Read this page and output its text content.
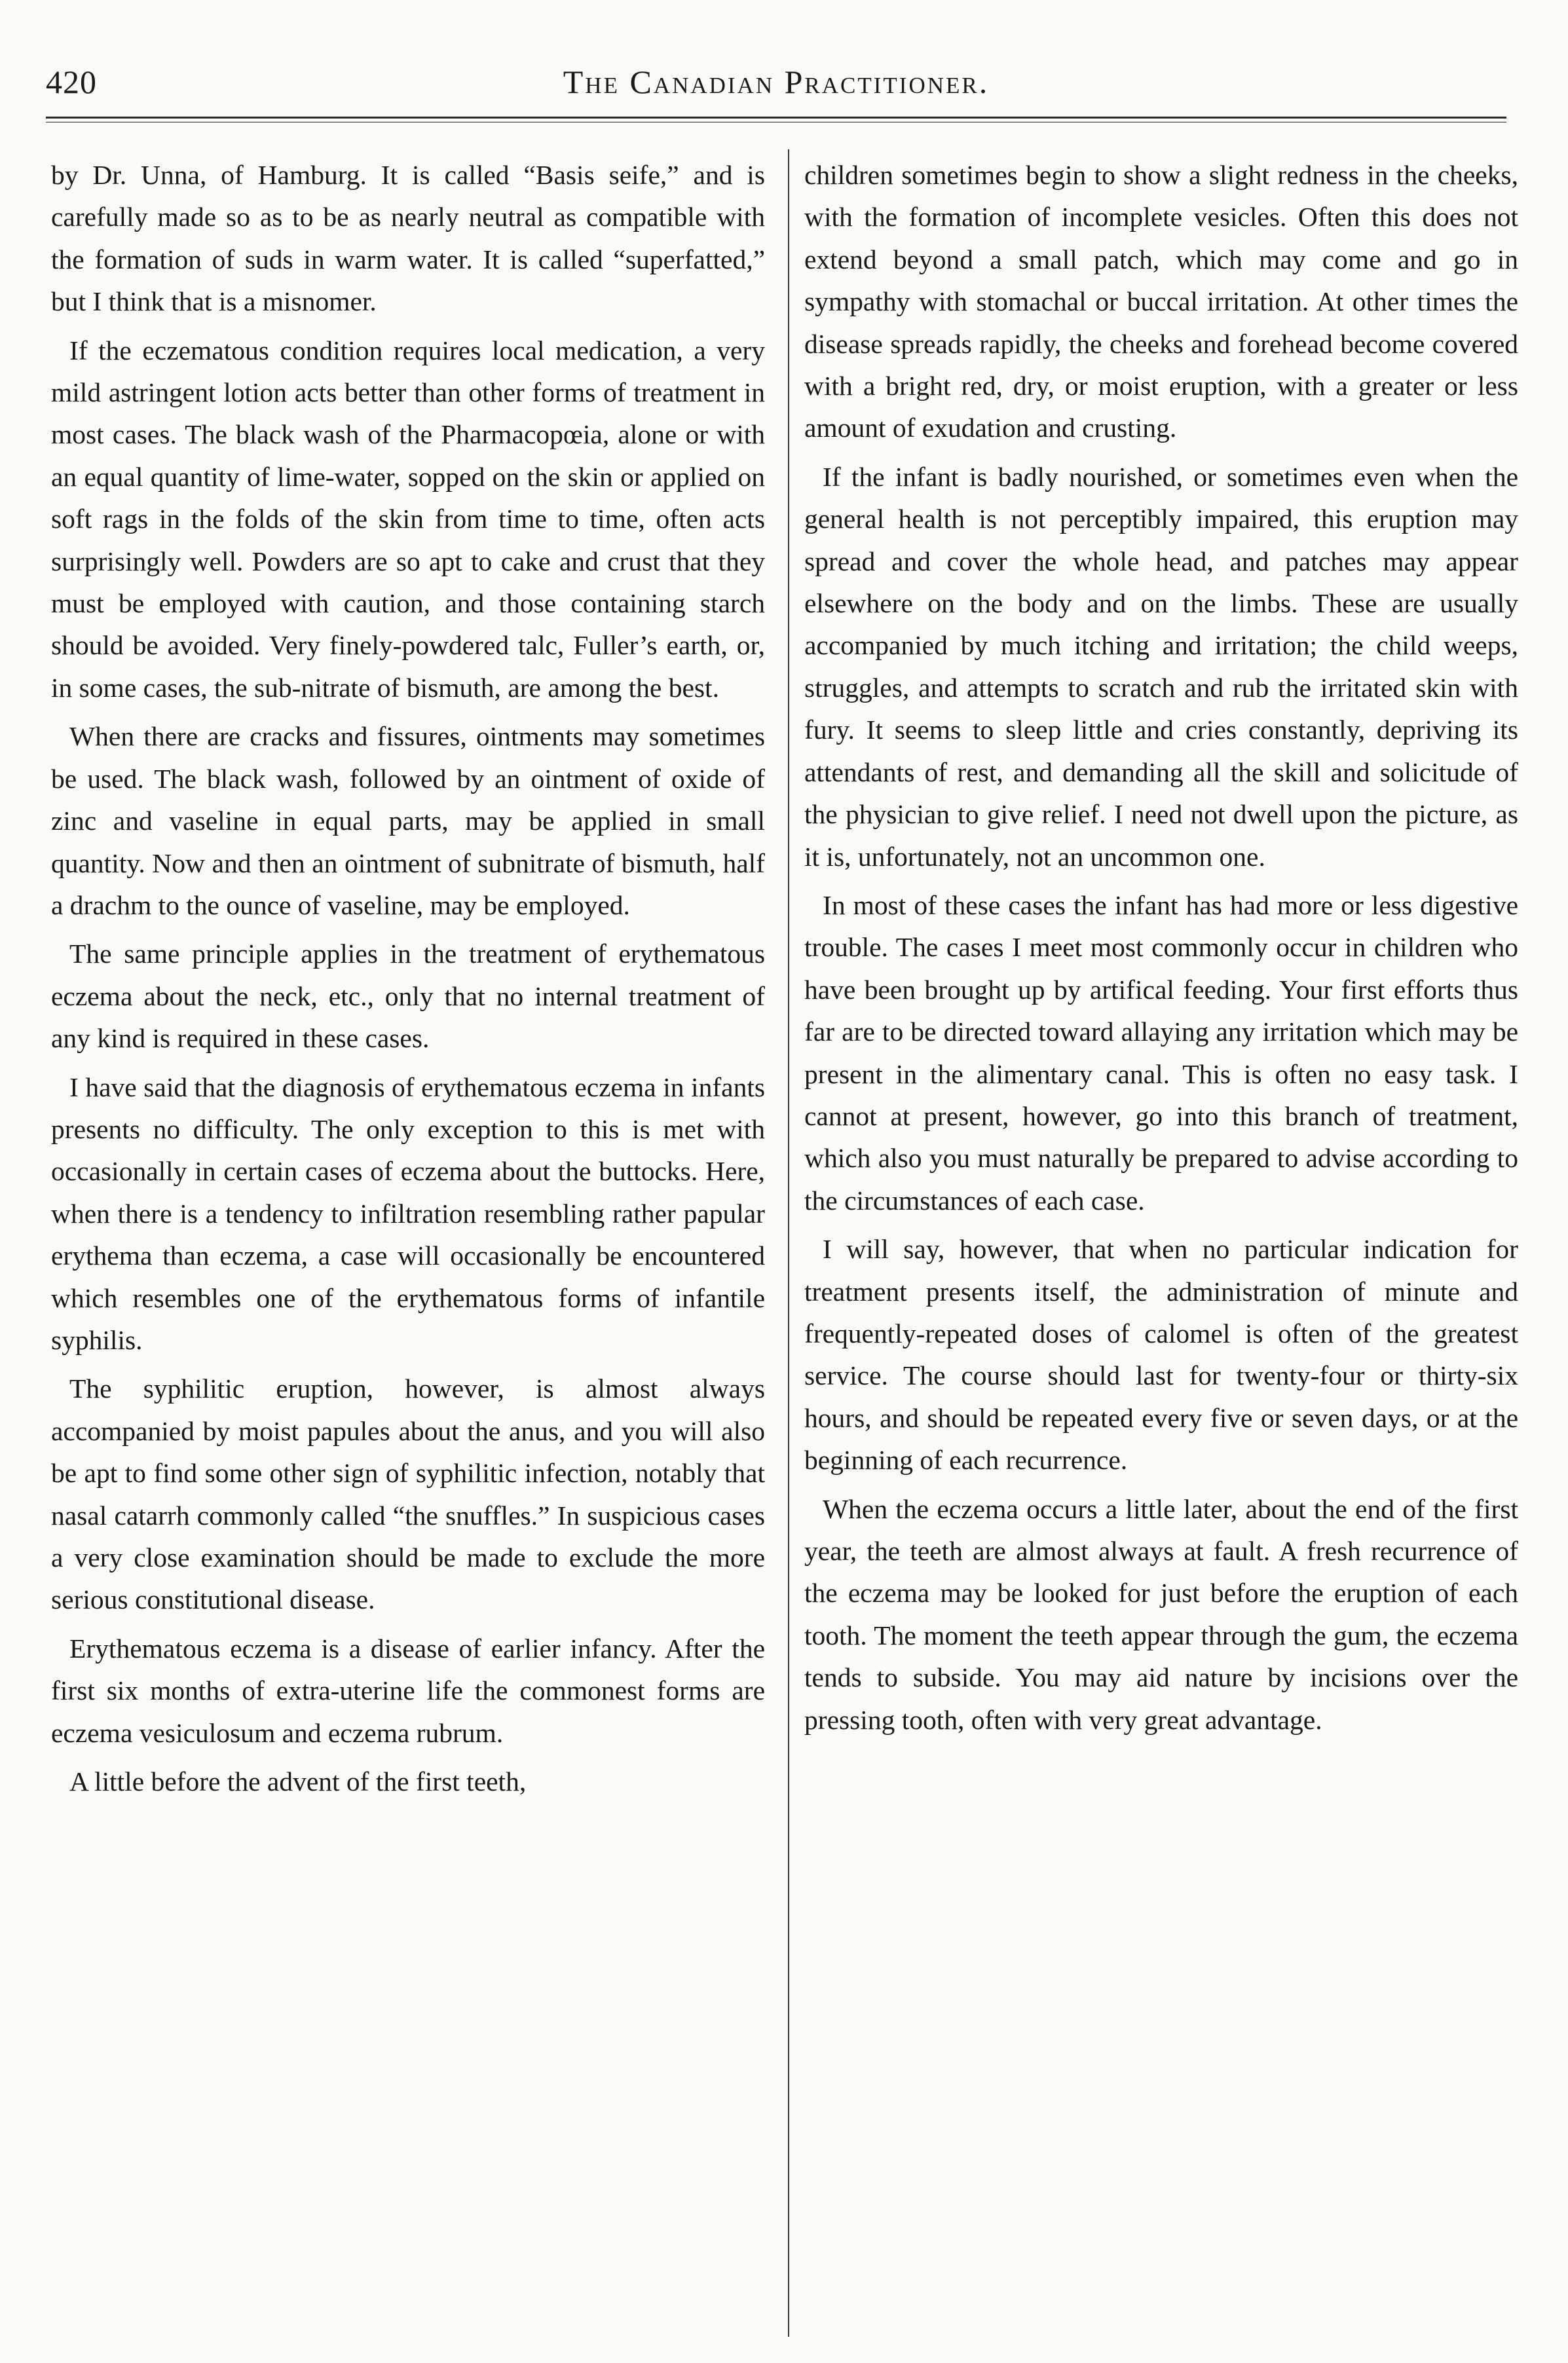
420	The Canadian Practitioner.

by Dr. Unna, of Hamburg. It is called “Basis seife,” and is carefully made so as to be as nearly neutral as compatible with the formation of suds in warm water. It is called “superfatted,” but I think that is a misnomer.

If the eczematous condition requires local medication, a very mild astringent lotion acts better than other forms of treatment in most cases. The black wash of the Pharmacopœia, alone or with an equal quantity of lime-water, sopped on the skin or applied on soft rags in the folds of the skin from time to time, often acts surprisingly well. Powders are so apt to cake and crust that they must be employed with caution, and those containing starch should be avoided. Very finely-powdered talc, Fuller’s earth, or, in some cases, the sub-nitrate of bismuth, are among the best.

When there are cracks and fissures, ointments may sometimes be used. The black wash, followed by an ointment of oxide of zinc and vaseline in equal parts, may be applied in small quantity. Now and then an ointment of subnitrate of bismuth, half a drachm to the ounce of vaseline, may be employed.

The same principle applies in the treatment of erythematous eczema about the neck, etc., only that no internal treatment of any kind is required in these cases.

I have said that the diagnosis of erythematous eczema in infants presents no difficulty. The only exception to this is met with occasionally in certain cases of eczema about the buttocks. Here, when there is a tendency to infiltration resembling rather papular erythema than eczema, a case will occasionally be encountered which resembles one of the erythematous forms of infantile syphilis.

The syphilitic eruption, however, is almost always accompanied by moist papules about the anus, and you will also be apt to find some other sign of syphilitic infection, notably that nasal catarrh commonly called “the snuffles.” In suspicious cases a very close examination should be made to exclude the more serious constitutional disease.

Erythematous eczema is a disease of earlier infancy. After the first six months of extra-uterine life the commonest forms are eczema vesiculosum and eczema rubrum.

A little before the advent of the first teeth,

children sometimes begin to show a slight redness in the cheeks, with the formation of incomplete vesicles. Often this does not extend beyond a small patch, which may come and go in sympathy with stomachal or buccal irritation. At other times the disease spreads rapidly, the cheeks and forehead become covered with a bright red, dry, or moist eruption, with a greater or less amount of exudation and crusting.

If the infant is badly nourished, or sometimes even when the general health is not perceptibly impaired, this eruption may spread and cover the whole head, and patches may appear elsewhere on the body and on the limbs. These are usually accompanied by much itching and irritation; the child weeps, struggles, and attempts to scratch and rub the irritated skin with fury. It seems to sleep little and cries constantly, depriving its attendants of rest, and demanding all the skill and solicitude of the physician to give relief. I need not dwell upon the picture, as it is, unfortunately, not an uncommon one.

In most of these cases the infant has had more or less digestive trouble. The cases I meet most commonly occur in children who have been brought up by artifical feeding. Your first efforts thus far are to be directed toward allaying any irritation which may be present in the alimentary canal. This is often no easy task. I cannot at present, however, go into this branch of treatment, which also you must naturally be prepared to advise according to the circumstances of each case.

I will say, however, that when no particular indication for treatment presents itself, the administration of minute and frequently-repeated doses of calomel is often of the greatest service. The course should last for twenty-four or thirty-six hours, and should be repeated every five or seven days, or at the beginning of each recurrence.

When the eczema occurs a little later, about the end of the first year, the teeth are almost always at fault. A fresh recurrence of the eczema may be looked for just before the eruption of each tooth. The moment the teeth appear through the gum, the eczema tends to subside. You may aid nature by incisions over the pressing tooth, often with very great advantage.
